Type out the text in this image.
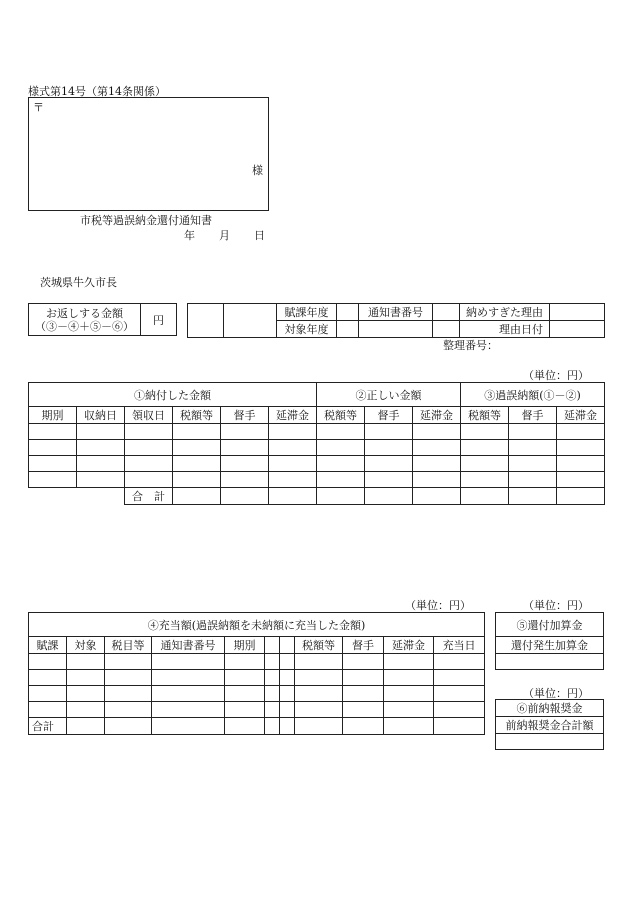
様式第14号（第14条関係）
〒
様
市税等過誤納金還付通知書
年 月 日
茨城県牛久市長
お返しする金額
（③－④＋⑤－⑥）	円
		賦課年度		通知書番号		納めすぎた理由	
		対象年度				理由日付	
整理番号：
（単位：円）
①納付した金額						②正しい金額			③過誤納額(①－②)		
期別	収納日	領収日	税額等	督手	延滞金	税額等	督手	延滞金	税額等	督手	延滞金

		合　計									
（単位：円）	（単位：円）
④充当額(過誤納額を未納額に充当した金額)										
賦課	対象	税目等	通知書番号	期別			税額等	督手	延滞金	充当日

合計										
⑤還付加算金
還付発生加算金

（単位：円）
⑥前納報奨金
前納報奨金合計額
